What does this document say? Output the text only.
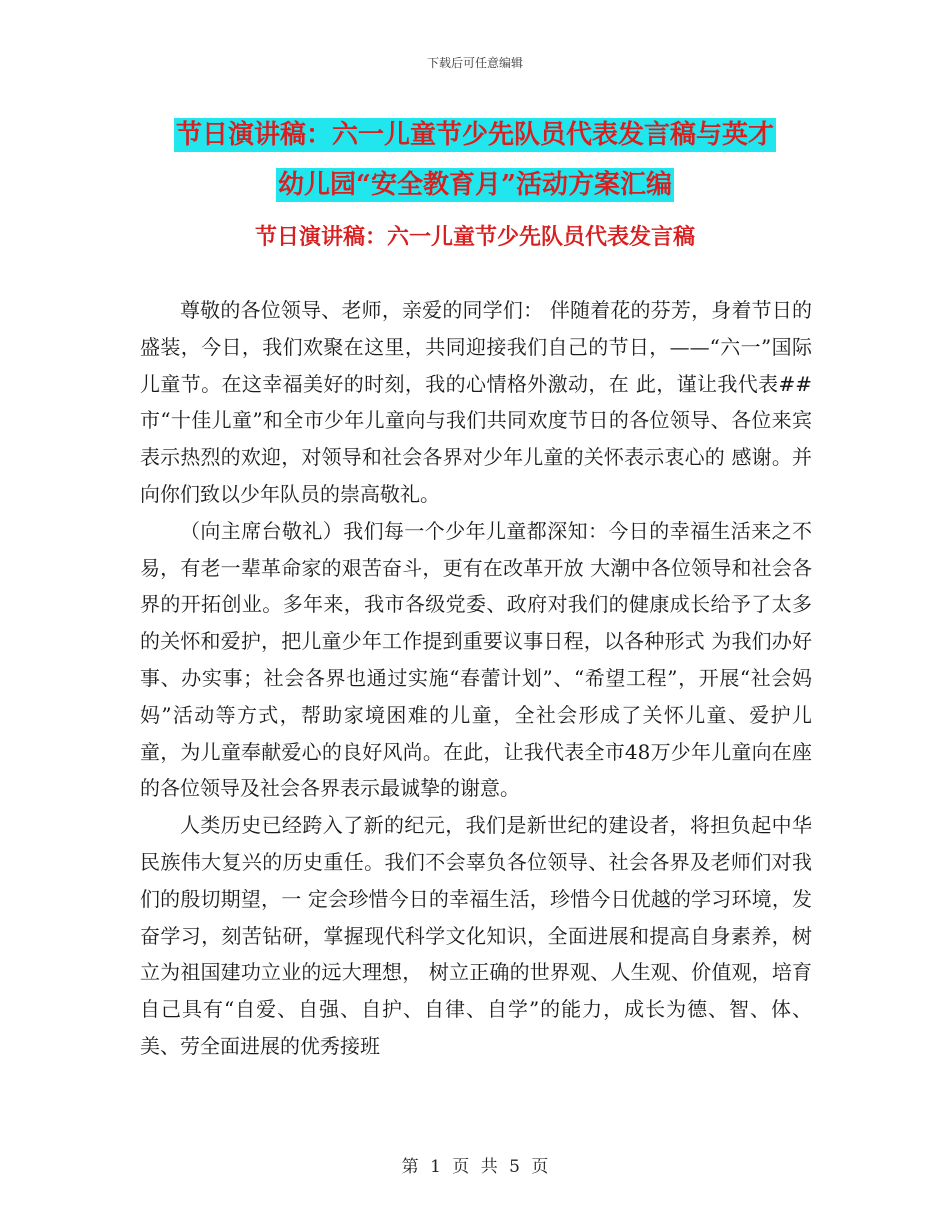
下载后可任意编辑
节日演讲稿：六一儿童节少先队员代表发言稿与英才
幼儿园“安全教育月”活动方案汇编
节日演讲稿：六一儿童节少先队员代表发言稿

尊敬的各位领导、老师，亲爱的同学们： 伴随着花的芬芳，身着节日的盛装，今日，我们欢聚在这里，共同迎接我们自己的节日，——“六一”国际儿童节。在这幸福美好的时刻，我的心情格外激动，在 此，谨让我代表##市“十佳儿童”和全市少年儿童向与我们共同欢度节日的各位领导、各位来宾表示热烈的欢迎，对领导和社会各界对少年儿童的关怀表示衷心的 感谢。并向你们致以少年队员的崇高敬礼。

（向主席台敬礼）我们每一个少年儿童都深知：今日的幸福生活来之不易，有老一辈革命家的艰苦奋斗，更有在改革开放 大潮中各位领导和社会各界的开拓创业。多年来，我市各级党委、政府对我们的健康成长给予了太多的关怀和爱护，把儿童少年工作提到重要议事日程，以各种形式 为我们办好事、办实事；社会各界也通过实施“春蕾计划”、“希望工程”，开展“社会妈妈”活动等方式，帮助家境困难的儿童，全社会形成了关怀儿童、爱护儿 童，为儿童奉献爱心的良好风尚。在此，让我代表全市48万少年儿童向在座的各位领导及社会各界表示最诚挚的谢意。

人类历史已经跨入了新的纪元，我们是新世纪的建设者，将担负起中华民族伟大复兴的历史重任。我们不会辜负各位领导、社会各界及老师们对我们的殷切期望，一 定会珍惜今日的幸福生活，珍惜今日优越的学习环境，发奋学习，刻苦钻研，掌握现代科学文化知识，全面进展和提高自身素养，树立为祖国建功立业的远大理想， 树立正确的世界观、人生观、价值观，培育自己具有“自爱、自强、自护、自律、自学”的能力，成长为德、智、体、美、劳全面进展的优秀接班

第 1 页 共 5 页
